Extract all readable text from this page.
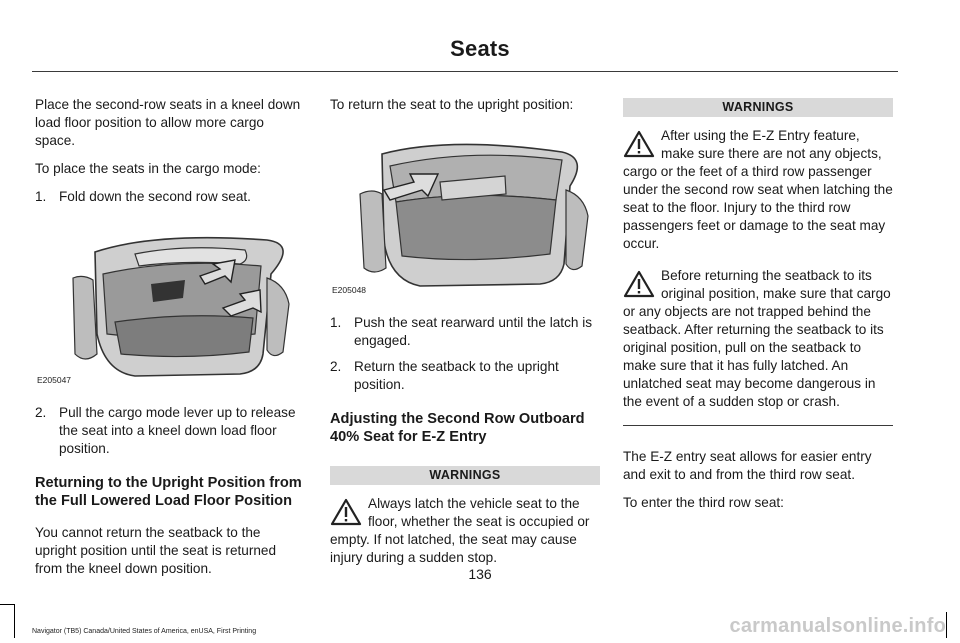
Seats

Place the second-row seats in a kneel down load floor position to allow more cargo space.

To place the seats in the cargo mode:

1. Fold down the second row seat.
E205047
2. Pull the cargo mode lever up to release the seat into a kneel down load floor position.
Returning to the Upright Position from the Full Lowered Load Floor Position

You cannot return the seatback to the upright position until the seat is returned from the kneel down position.

To return the seat to the upright position:

E205048
1. Push the seat rearward until the latch is engaged.
2. Return the seatback to the upright position.
Adjusting the Second Row Outboard 40% Seat for E-Z Entry
WARNINGS
Always latch the vehicle seat to the floor, whether the seat is occupied or empty. If not latched, the seat may cause injury during a sudden stop.
WARNINGS
After using the E-Z Entry feature, make sure there are not any objects, cargo or the feet of a third row passenger under the second row seat when latching the seat to the floor. Injury to the third row passengers feet or damage to the seat may occur.
Before returning the seatback to its original position, make sure that cargo or any objects are not trapped behind the seatback. After returning the seatback to its original position, pull on the seatback to make sure that it has fully latched. An unlatched seat may become dangerous in the event of a sudden stop or crash.

The E-Z entry seat allows for easier entry and exit to and from the third row seat.

To enter the third row seat:

136
Navigator (TB5) Canada/United States of America, enUSA, First Printing	carmanualsonline.info
